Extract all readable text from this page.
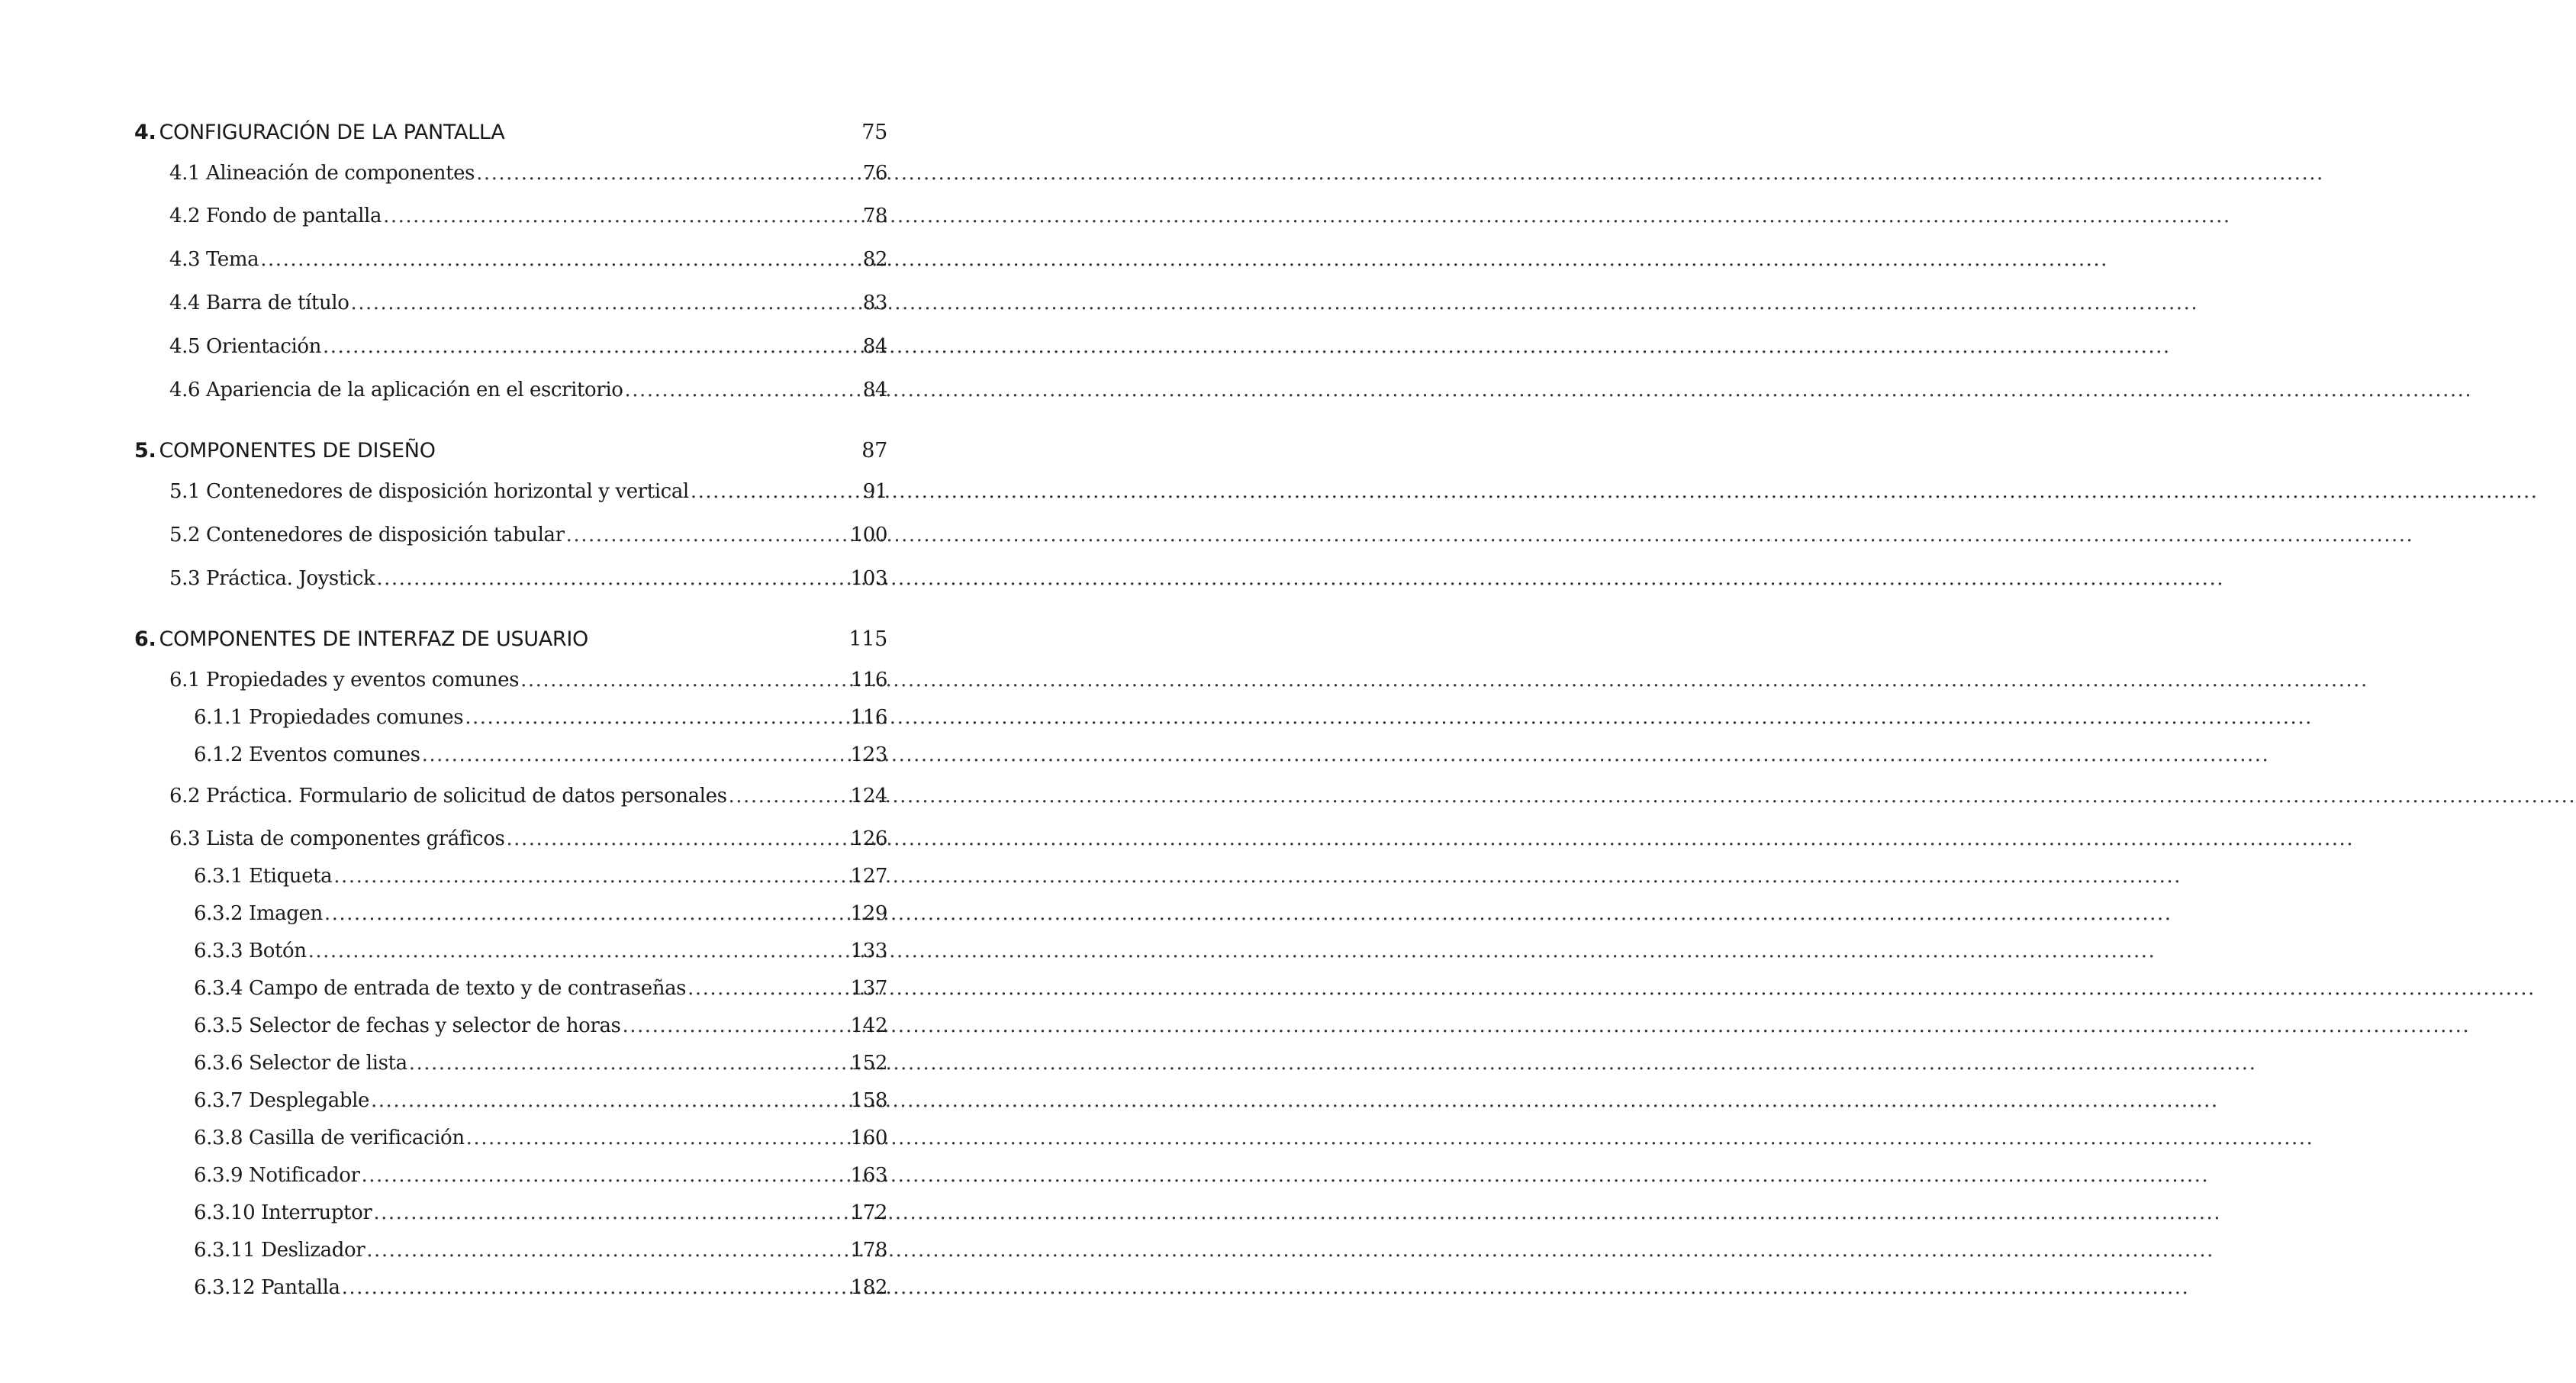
4. CONFIGURACIÓN DE LA PANTALLA	75
4.1 Alineación de componentes .....	76
4.2 Fondo de pantalla .....	78
4.3 Tema .....	82
4.4 Barra de título .....	83
4.5 Orientación .....	84
4.6 Apariencia de la aplicación en el escritorio .....	84
5. COMPONENTES DE DISEÑO	87
5.1 Contenedores de disposición horizontal y vertical .....	91
5.2 Contenedores de disposición tabular .....	100
5.3 Práctica. Joystick .....	103
6. COMPONENTES DE INTERFAZ DE USUARIO	115
6.1 Propiedades y eventos comunes .....	116
6.1.1 Propiedades comunes .....	116
6.1.2 Eventos comunes .....	123
6.2 Práctica. Formulario de solicitud de datos personales .....	124
6.3 Lista de componentes gráficos .....	126
6.3.1 Etiqueta .....	127
6.3.2 Imagen .....	129
6.3.3 Botón .....	133
6.3.4 Campo de entrada de texto y de contraseñas .....	137
6.3.5 Selector de fechas y selector de horas .....	142
6.3.6 Selector de lista .....	152
6.3.7 Desplegable .....	158
6.3.8 Casilla de verificación .....	160
6.3.9 Notificador .....	163
6.3.10 Interruptor .....	172
6.3.11 Deslizador .....	178
6.3.12 Pantalla .....	182
